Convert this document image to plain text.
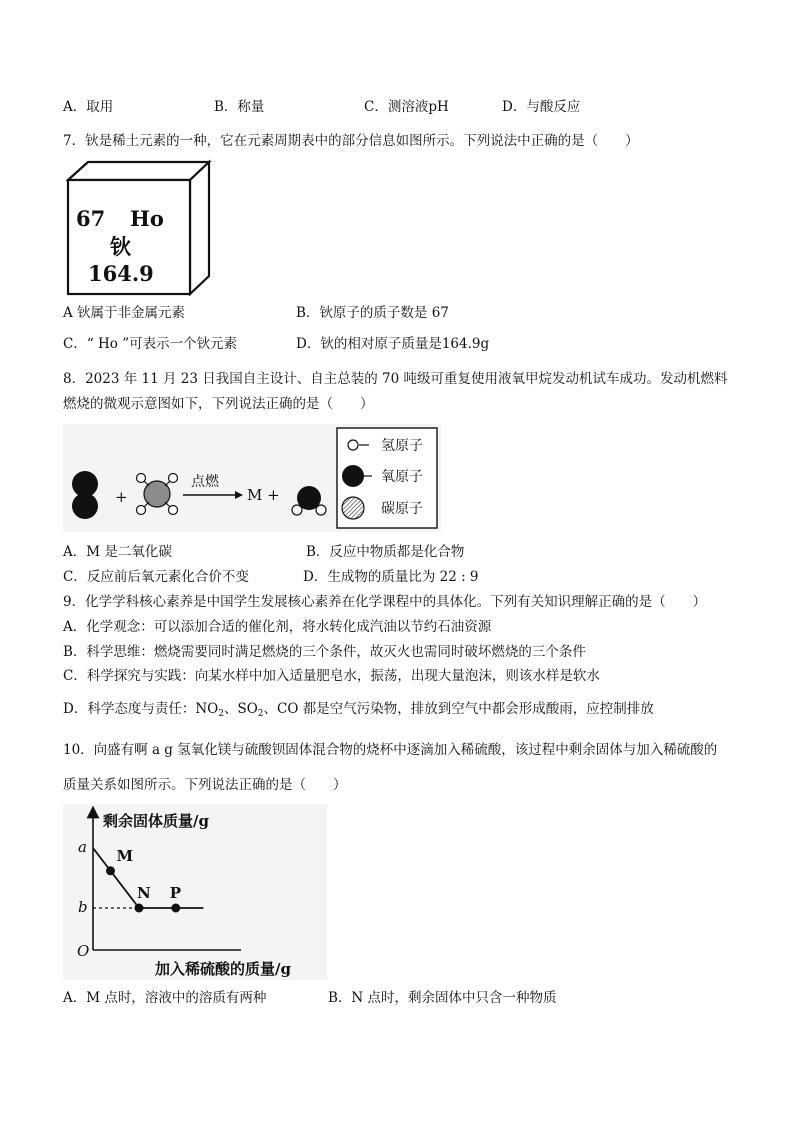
A．取用	B．称量	C．测溶液pH	D．与酸反应
7．钬是稀土元素的一种，它在元素周期表中的部分信息如图所示。下列说法中正确的是（　　）
67 Ho
钬
164.9
A 钬属于非金属元素	B．钬原子的质子数是 67
C．“ Ho ”可表示一个钬元素	D．钬的相对原子质量是164.9g
8．2023 年 11 月 23 日我国自主设计、自主总装的 70 吨级可重复使用液氧甲烷发动机试车成功。发动机燃料
燃烧的微观示意图如下，下列说法正确的是（　　）
+
点燃
M +
氢原子
氧原子
碳原子
A．M 是二氧化碳	B．反应中物质都是化合物
C．反应前后氧元素化合价不变	D．生成物的质量比为 22 : 9
9．化学学科核心素养是中国学生发展核心素养在化学课程中的具体化。下列有关知识理解正确的是（　　）
A．化学观念：可以添加合适的催化剂，将水转化成汽油以节约石油资源
B．科学思维：燃烧需要同时满足燃烧的三个条件，故灭火也需同时破坏燃烧的三个条件
C．科学探究与实践：向某水样中加入适量肥皂水，振荡，出现大量泡沫，则该水样是软水
D．科学态度与责任：$NO_2$、$SO_2$、CO 都是空气污染物，排放到空气中都会形成酸雨，应控制排放
10．向盛有啊 a g 氢氧化镁与硫酸钡固体混合物的烧杯中逐滴加入稀硫酸，该过程中剩余固体与加入稀硫酸的
质量关系如图所示。下列说法正确的是（　　）
剩余固体质量/g
加入稀硫酸的质量/g
O
a
b
M
N P
A．M 点时，溶液中的溶质有两种	B．N 点时，剩余固体中只含一种物质
